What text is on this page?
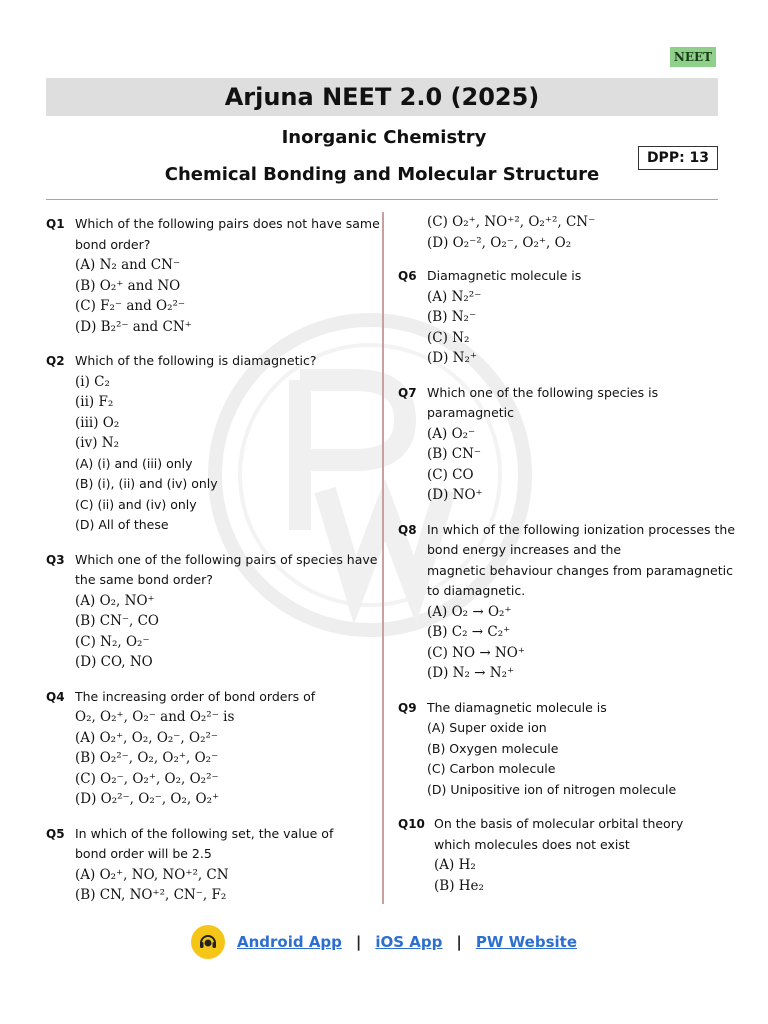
NEET
Arjuna NEET 2.0 (2025)
Inorganic Chemistry
Chemical Bonding and Molecular Structure
DPP: 13
Q1 Which of the following pairs does not have same
bond order?
(A) N₂ and CN⁻
(B) O₂⁺ and NO
(C) F₂⁻ and O₂²⁻
(D) B₂²⁻ and CN⁺
Q2 Which of the following is diamagnetic?
(i) C₂
(ii) F₂
(iii) O₂
(iv) N₂
(A) (i) and (iii) only
(B) (i), (ii) and (iv) only
(C) (ii) and (iv) only
(D) All of these
Q3 Which one of the following pairs of species have
the same bond order?
(A) O₂, NO⁺
(B) CN⁻, CO
(C) N₂, O₂⁻
(D) CO, NO
Q4 The increasing order of bond orders of
O₂, O₂⁺, O₂⁻ and O₂²⁻ is
(A) O₂⁺, O₂, O₂⁻, O₂²⁻
(B) O₂²⁻, O₂, O₂⁺, O₂⁻
(C) O₂⁻, O₂⁺, O₂, O₂²⁻
(D) O₂²⁻, O₂⁻, O₂, O₂⁺
Q5 In which of the following set, the value of
bond order will be 2.5
(A) O₂⁺, NO, NO⁺², CN
(B) CN, NO⁺², CN⁻, F₂
(C) O₂⁺, NO⁺², O₂⁺², CN⁻
(D) O₂⁻², O₂⁻, O₂⁺, O₂
Q6 Diamagnetic molecule is
(A) N₂²⁻
(B) N₂⁻
(C) N₂
(D) N₂⁺
Q7 Which one of the following species is
paramagnetic
(A) O₂⁻
(B) CN⁻
(C) CO
(D) NO⁺
Q8 In which of the following ionization processes the
bond energy increases and the
magnetic behaviour changes from paramagnetic
to diamagnetic.
(A) O₂ → O₂⁺
(B) C₂ → C₂⁺
(C) NO → NO⁺
(D) N₂ → N₂⁺
Q9 The diamagnetic molecule is
(A) Super oxide ion
(B) Oxygen molecule
(C) Carbon molecule
(D) Unipositive ion of nitrogen molecule
Q10 On the basis of molecular orbital theory
which molecules does not exist
(A) H₂
(B) He₂
Android App | iOS App | PW Website
